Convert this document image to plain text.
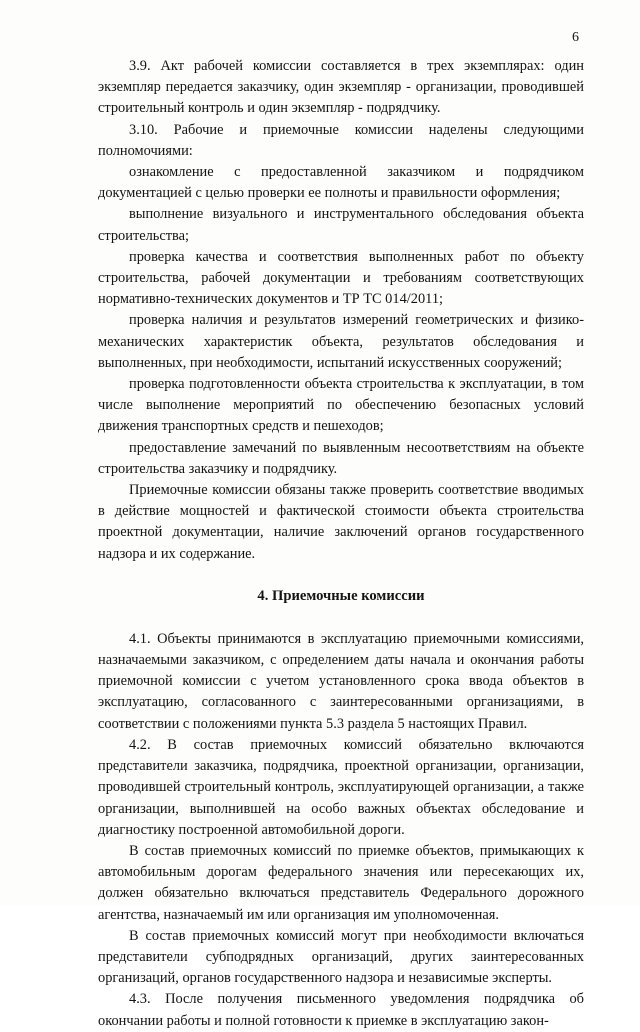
6

3.9. Акт рабочей комиссии составляется в трех экземплярах: один экземпляр передается заказчику, один экземпляр - организации, проводившей строительный контроль и один экземпляр - подрядчику.

3.10. Рабочие и приемочные комиссии наделены следующими полномочиями:

ознакомление с предоставленной заказчиком и подрядчиком документацией с целью проверки ее полноты и правильности оформления;

выполнение визуального и инструментального обследования объекта строительства;

проверка качества и соответствия выполненных работ по объекту строительства, рабочей документации и требованиям соответствующих нормативно-технических документов и ТР ТС 014/2011;

проверка наличия и результатов измерений геометрических и физико-механических характеристик объекта, результатов обследования и выполненных, при необходимости, испытаний искусственных сооружений;

проверка подготовленности объекта строительства к эксплуатации, в том числе выполнение мероприятий по обеспечению безопасных условий движения транспортных средств и пешеходов;

предоставление замечаний по выявленным несоответствиям на объекте строительства заказчику и подрядчику.

Приемочные комиссии обязаны также проверить соответствие вводимых в действие мощностей и фактической стоимости объекта строительства проектной документации, наличие заключений органов государственного надзора и их содержание.

4. Приемочные комиссии

4.1. Объекты принимаются в эксплуатацию приемочными комиссиями, назначаемыми заказчиком, с определением даты начала и окончания работы приемочной комиссии с учетом установленного срока ввода объектов в эксплуатацию, согласованного с заинтересованными организациями, в соответствии с положениями пункта 5.3 раздела 5 настоящих Правил.

4.2. В состав приемочных комиссий обязательно включаются представители заказчика, подрядчика, проектной организации, организации, проводившей строительный контроль, эксплуатирующей организации, а также организации, выполнившей на особо важных объектах обследование и диагностику построенной автомобильной дороги.

В состав приемочных комиссий по приемке объектов, примыкающих к автомобильным дорогам федерального значения или пересекающих их, должен обязательно включаться представитель Федерального дорожного агентства, назначаемый им или организация им уполномоченная.

В состав приемочных комиссий могут при необходимости включаться представители субподрядных организаций, других заинтересованных организаций, органов государственного надзора и независимые эксперты.

4.3. После получения письменного уведомления подрядчика об окончании работы и полной готовности к приемке в эксплуатацию закон-
